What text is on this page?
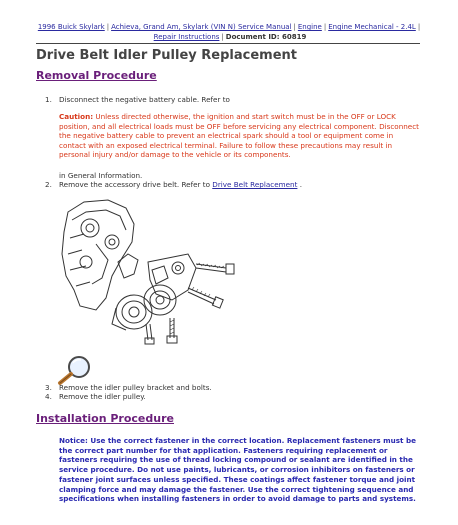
1996 Buick Skylark | Achieva, Grand Am, Skylark (VIN N) Service Manual | Engine | Engine Mechanical - 2.4L |
Repair Instructions | Document ID: 60819
Drive Belt Idler Pulley Replacement
Removal Procedure
1. Disconnect the negative battery cable. Refer to
Caution: Unless directed otherwise, the ignition and start switch must be in the OFF or LOCK position, and all electrical loads must be OFF before servicing any electrical component. Disconnect the negative battery cable to prevent an electrical spark should a tool or equipment come in contact with an exposed electrical terminal. Failure to follow these precautions may result in personal injury and/or damage to the vehicle or its components.
in General Information.
2. Remove the accessory drive belt. Refer to Drive Belt Replacement .
3. Remove the idler pulley bracket and bolts.
4. Remove the idler pulley.
Installation Procedure
Notice: Use the correct fastener in the correct location. Replacement fasteners must be the correct part number for that application. Fasteners requiring replacement or fasteners requiring the use of thread locking compound or sealant are identified in the service procedure. Do not use paints, lubricants, or corrosion inhibitors on fasteners or fastener joint surfaces unless specified. These coatings affect fastener torque and joint clamping force and may damage the fastener. Use the correct tightening sequence and specifications when installing fasteners in order to avoid damage to parts and systems.
